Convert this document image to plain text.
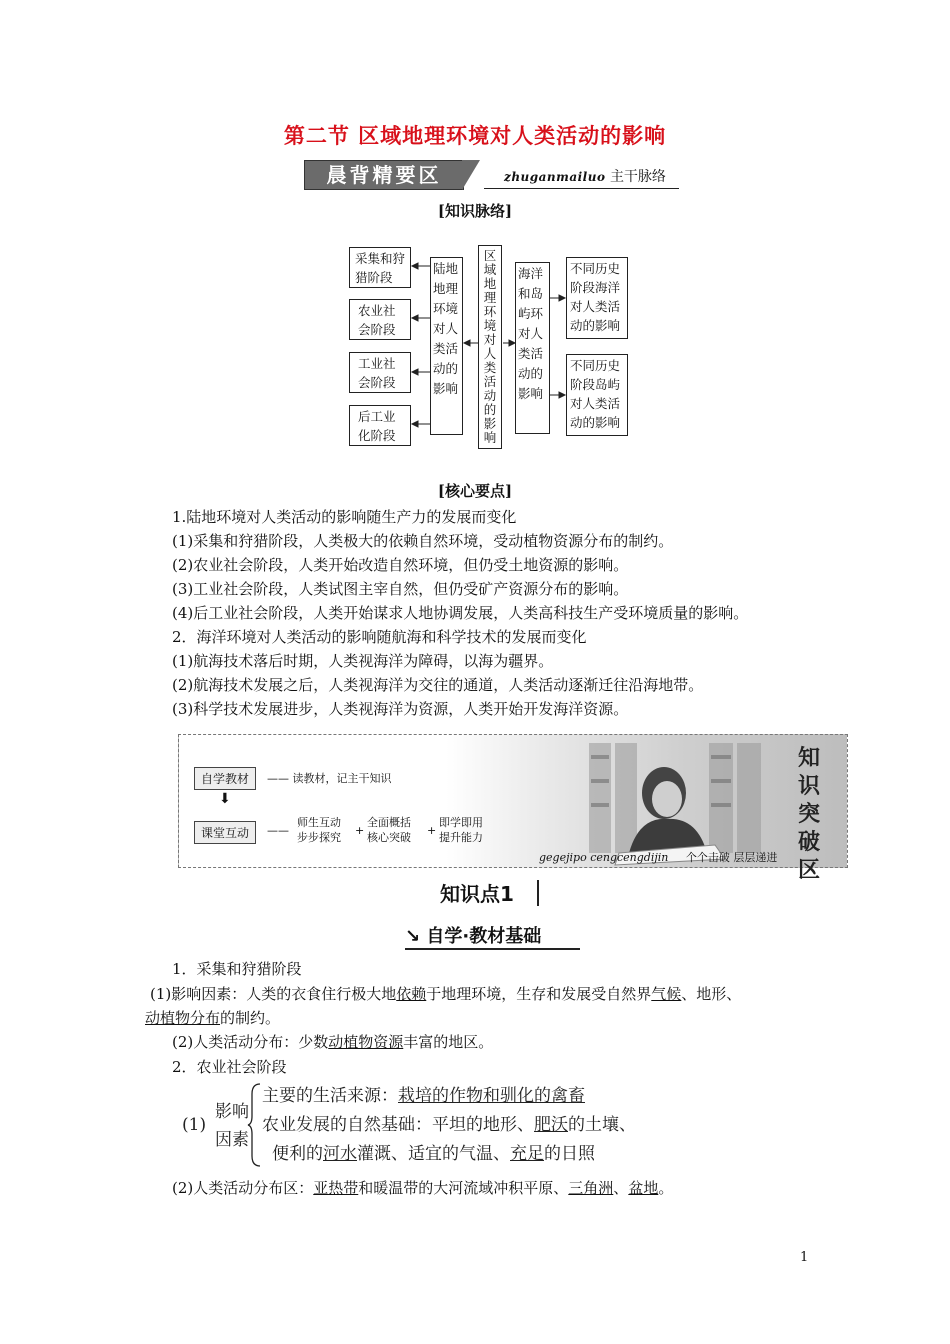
第二节 区域地理环境对人类活动的影响
晨背精要区	zhuganmailuo 主干脉络
[知识脉络]
采集和狩猎阶段
农业社会阶段
工业社会阶段
后工业化阶段
陆地地理环境对人类活动的影响
区域地理环境对人类活动的影响
海洋和岛屿环对人类活动的影响
不同历史阶段海洋对人类活动的影响
不同历史阶段岛屿对人类活动的影响
[核心要点]
1.陆地环境对人类活动的影响随生产力的发展而变化
(1)采集和狩猎阶段，人类极大的依赖自然环境，受动植物资源分布的制约。
(2)农业社会阶段，人类开始改造自然环境，但仍受土地资源的影响。
(3)工业社会阶段，人类试图主宰自然，但仍受矿产资源分布的影响。
(4)后工业社会阶段，人类开始谋求人地协调发展，人类高科技生产受环境质量的影响。
2．海洋环境对人类活动的影响随航海和科学技术的发展而变化
(1)航海技术落后时期，人类视海洋为障碍，以海为疆界。
(2)航海技术发展之后，人类视海洋为交往的通道，人类活动逐渐迁往沿海地带。
(3)科学技术发展进步，人类视海洋为资源，人类开始开发海洋资源。
自学教材	—— 读教材，记主干知识
⬇
课堂互动	——
师生互动
步步探究
+
全面概括
核心突破
+
即学即用
提升能力
知识突破区
gegejipo cengcengdijin 个个击破 层层递进
知识点1
↘ 自学·教材基础
1．采集和狩猎阶段
(1)影响因素：人类的衣食住行极大地依赖于地理环境，生存和发展受自然界气候、地形、
动植物分布的制约。
(2)人类活动分布：少数动植物资源丰富的地区。
2．农业社会阶段
(1)
影响
因素
主要的生活来源：栽培的作物和驯化的禽畜
农业发展的自然基础：平坦的地形、肥沃的土壤、
便利的河水灌溉、适宜的气温、充足的日照
(2)人类活动分布区：亚热带和暖温带的大河流域冲积平原、三角洲、盆地。
1
